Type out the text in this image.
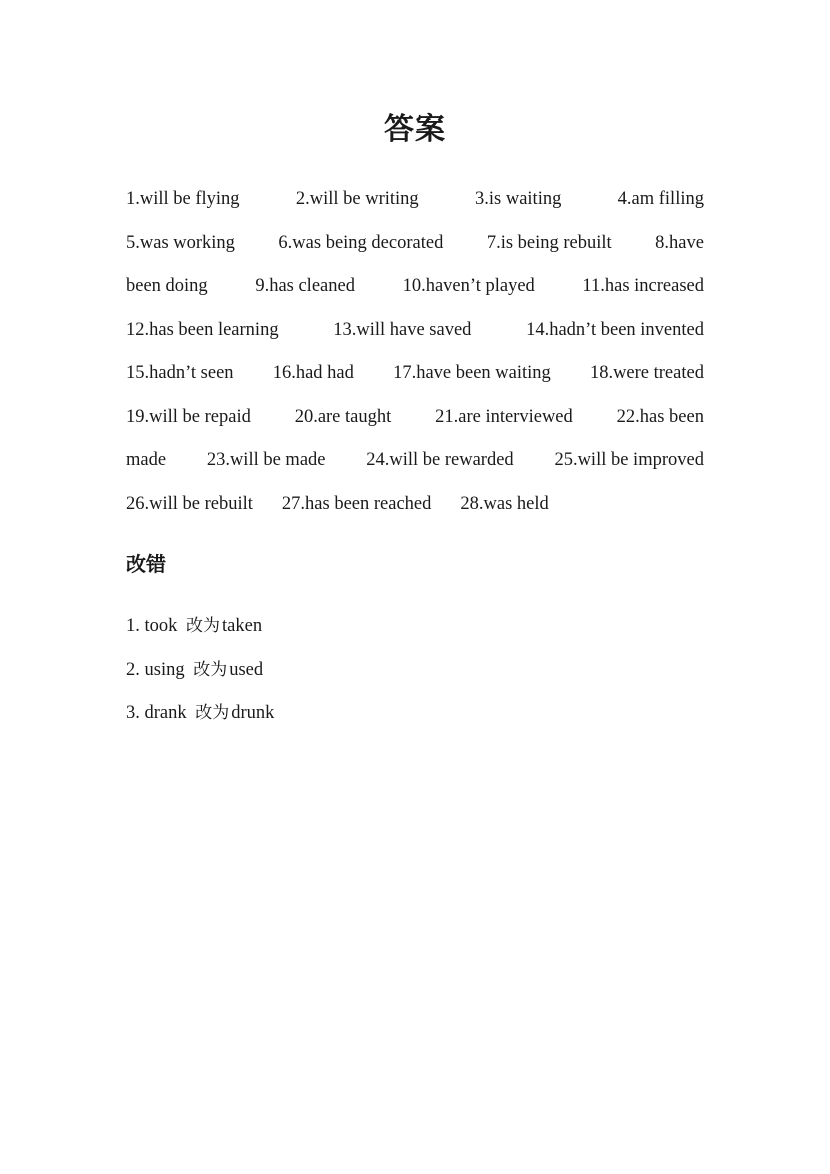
答案
1.will be flying	2.will be writing	3.is waiting	4.am filling
5.was working 6.was being decorated 7.is being rebuilt 8.have
been doing	9.has cleaned	10.haven’t played	11.has increased
12.has been learning	13.will have saved	14.hadn’t been invented
15.hadn’t seen 16.had had 17.have been waiting 18.were treated
19.will be repaid 20.are taught 21.are interviewed 22.has been
made 23.will be made 24.will be rewarded 25.will be improved
26.will be rebuilt 27.has been reached 28.was held
改错
1. took 改为 taken
2. using 改为 used
3. drank 改为 drunk
